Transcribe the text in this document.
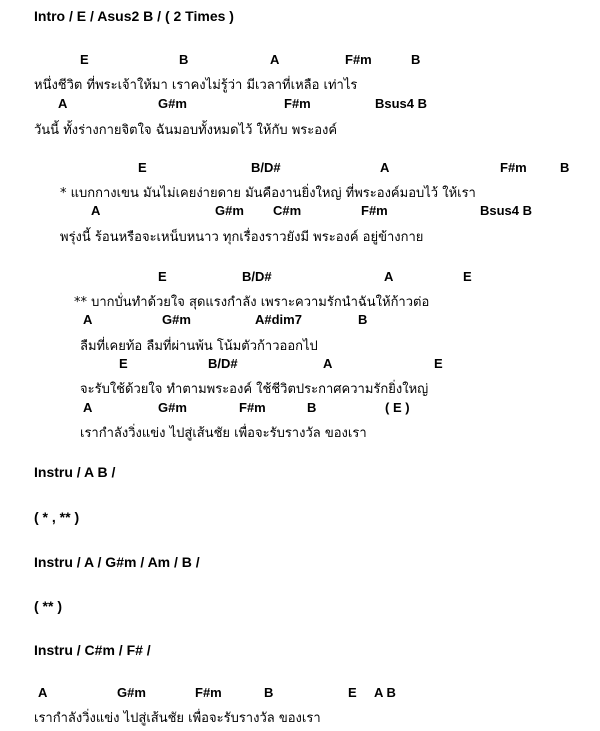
Intro / E / Asus2 B / ( 2 Times )
E	B	A	F#m	B
หนึ่งชีวิต ที่พระเจ้าให้มา เราคงไม่รู้ว่า มีเวลาที่เหลือ เท่าไร
A	G#m	F#m	Bsus4 B
วันนี้ ทั้งร่างกายจิตใจ ฉันมอบทั้งหมดไว้ ให้กับ พระองค์
E	B/D#	A	F#m	B
* แบกกางเขน มันไม่เคยง่ายดาย มันคืองานยิ่งใหญ่ ที่พระองค์มอบไว้ ให้เรา
A	G#m C#m	F#m	Bsus4 B
พรุ่งนี้ ร้อนหรือจะเหน็บหนาว ทุกเรื่องราวยังมี พระองค์ อยู่ข้างกาย
E	B/D#	A	E
** บากบั่นทำด้วยใจ สุดแรงกำลัง เพราะความรักนำฉันให้ก้าวต่อ
A	G#m	A#dim7	B
ลืมที่เคยท้อ ลืมที่ผ่านพ้น โน้มตัวก้าวออกไป
E	B/D#	A	E
จะรับใช้ด้วยใจ ทำตามพระองค์ ใช้ชีวิตประกาศความรักยิ่งใหญ่
A	G#m	F#m	B	( E )
เรากำลังวิ่งแข่ง ไปสู่เส้นชัย เพื่อจะรับรางวัล ของเรา
Instru / A B /
( * , ** )
Instru / A / G#m / Am / B /
( ** )
Instru / C#m / F# /
A	G#m	F#m	B	E A B
เรากำลังวิ่งแข่ง ไปสู่เส้นชัย เพื่อจะรับรางวัล ของเรา
